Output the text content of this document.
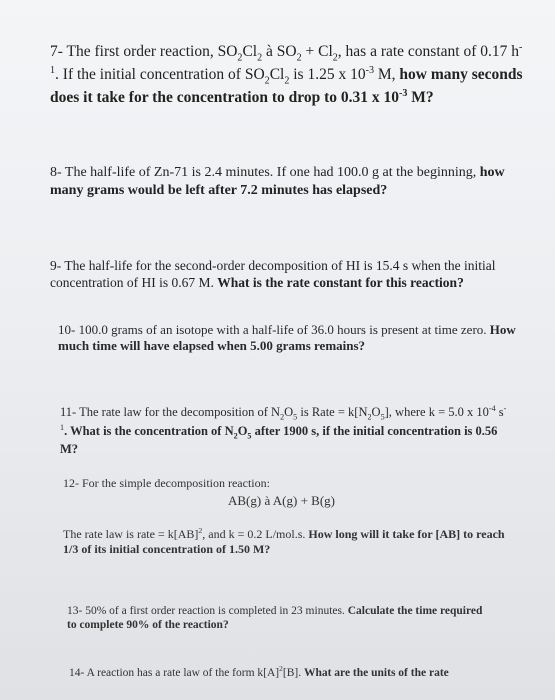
7- The first order reaction, $SO_2Cl_2$ à $SO_2 + Cl_2$, has a rate constant of 0.17 $h^{-1}$. If the initial concentration of $SO_2Cl_2$ is 1.25 x $10^{-3}$ M, how many seconds does it take for the concentration to drop to 0.31 x $10^{-3}$ M?

8- The half-life of Zn-71 is 2.4 minutes. If one had 100.0 g at the beginning, how many grams would be left after 7.2 minutes has elapsed?

9- The half-life for the second-order decomposition of HI is 15.4 s when the initial concentration of HI is 0.67 M. What is the rate constant for this reaction?

10- 100.0 grams of an isotope with a half-life of 36.0 hours is present at time zero. How much time will have elapsed when 5.00 grams remains?

11- The rate law for the decomposition of $N_2O_5$ is Rate = $k[N_2O_5]$, where k = 5.0 x $10^{-4}$ $s^{-1}$. What is the concentration of $N_2O_5$ after 1900 s, if the initial concentration is 0.56 M?

12- For the simple decomposition reaction:

AB(g) à A(g) + B(g)

The rate law is rate = k[AB]$^2$, and k = 0.2 L/mol.s. How long will it take for [AB] to reach 1/3 of its initial concentration of 1.50 M?

13- 50% of a first order reaction is completed in 23 minutes. Calculate the time required to complete 90% of the reaction?

14- A reaction has a rate law of the form $k[A]^2[B]$. What are the units of the rate
